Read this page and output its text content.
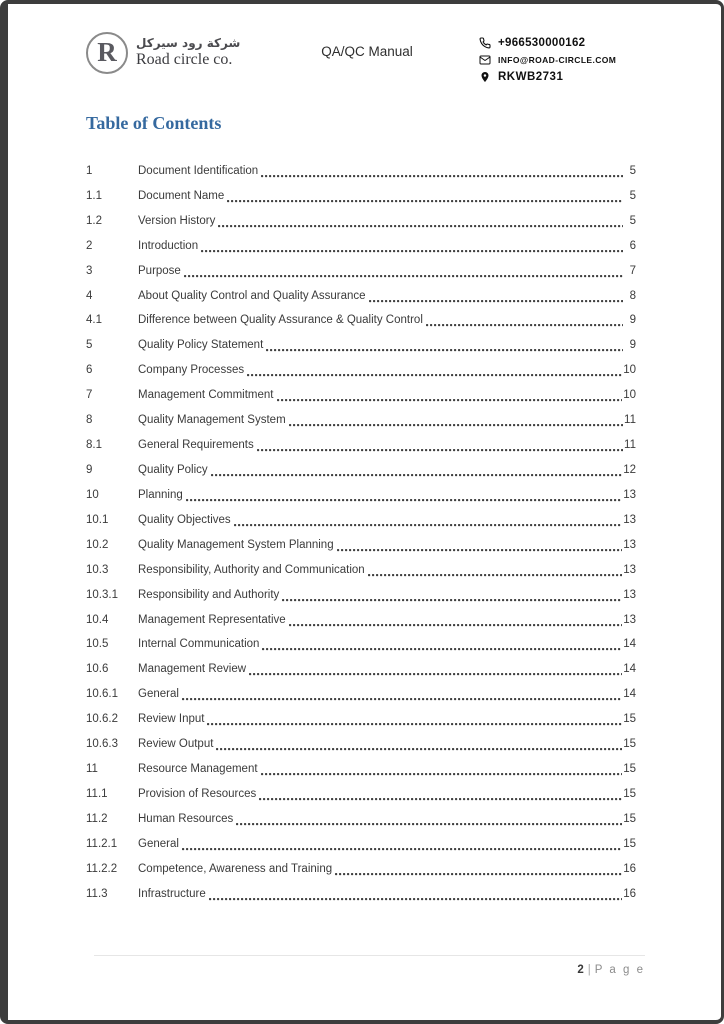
R شركة رود سيركل
Road circle co.	QA/QC Manual
+966530000162
INFO@ROAD-CIRCLE.COM
RKWB2731
Table of Contents
1	Document Identification	5
1.1	Document Name	5
1.2	Version History	5
2	Introduction	6
3	Purpose	7
4	About Quality Control and Quality Assurance	8
4.1	Difference between Quality Assurance & Quality Control	9
5	Quality Policy Statement	9
6	Company Processes	10
7	Management Commitment	10
8	Quality Management System	11
8.1	General Requirements	11
9	Quality Policy	12
10	Planning	13
10.1	Quality Objectives	13
10.2	Quality Management System Planning	13
10.3	Responsibility, Authority and Communication	13
10.3.1	Responsibility and Authority	13
10.4	Management Representative	13
10.5	Internal Communication	14
10.6	Management Review	14
10.6.1	General	14
10.6.2	Review Input	15
10.6.3	Review Output	15
11	Resource Management	15
11.1	Provision of Resources	15
11.2	Human Resources	15
11.2.1	General	15
11.2.2	Competence, Awareness and Training	16
11.3	Infrastructure	16
2 | P a g e
